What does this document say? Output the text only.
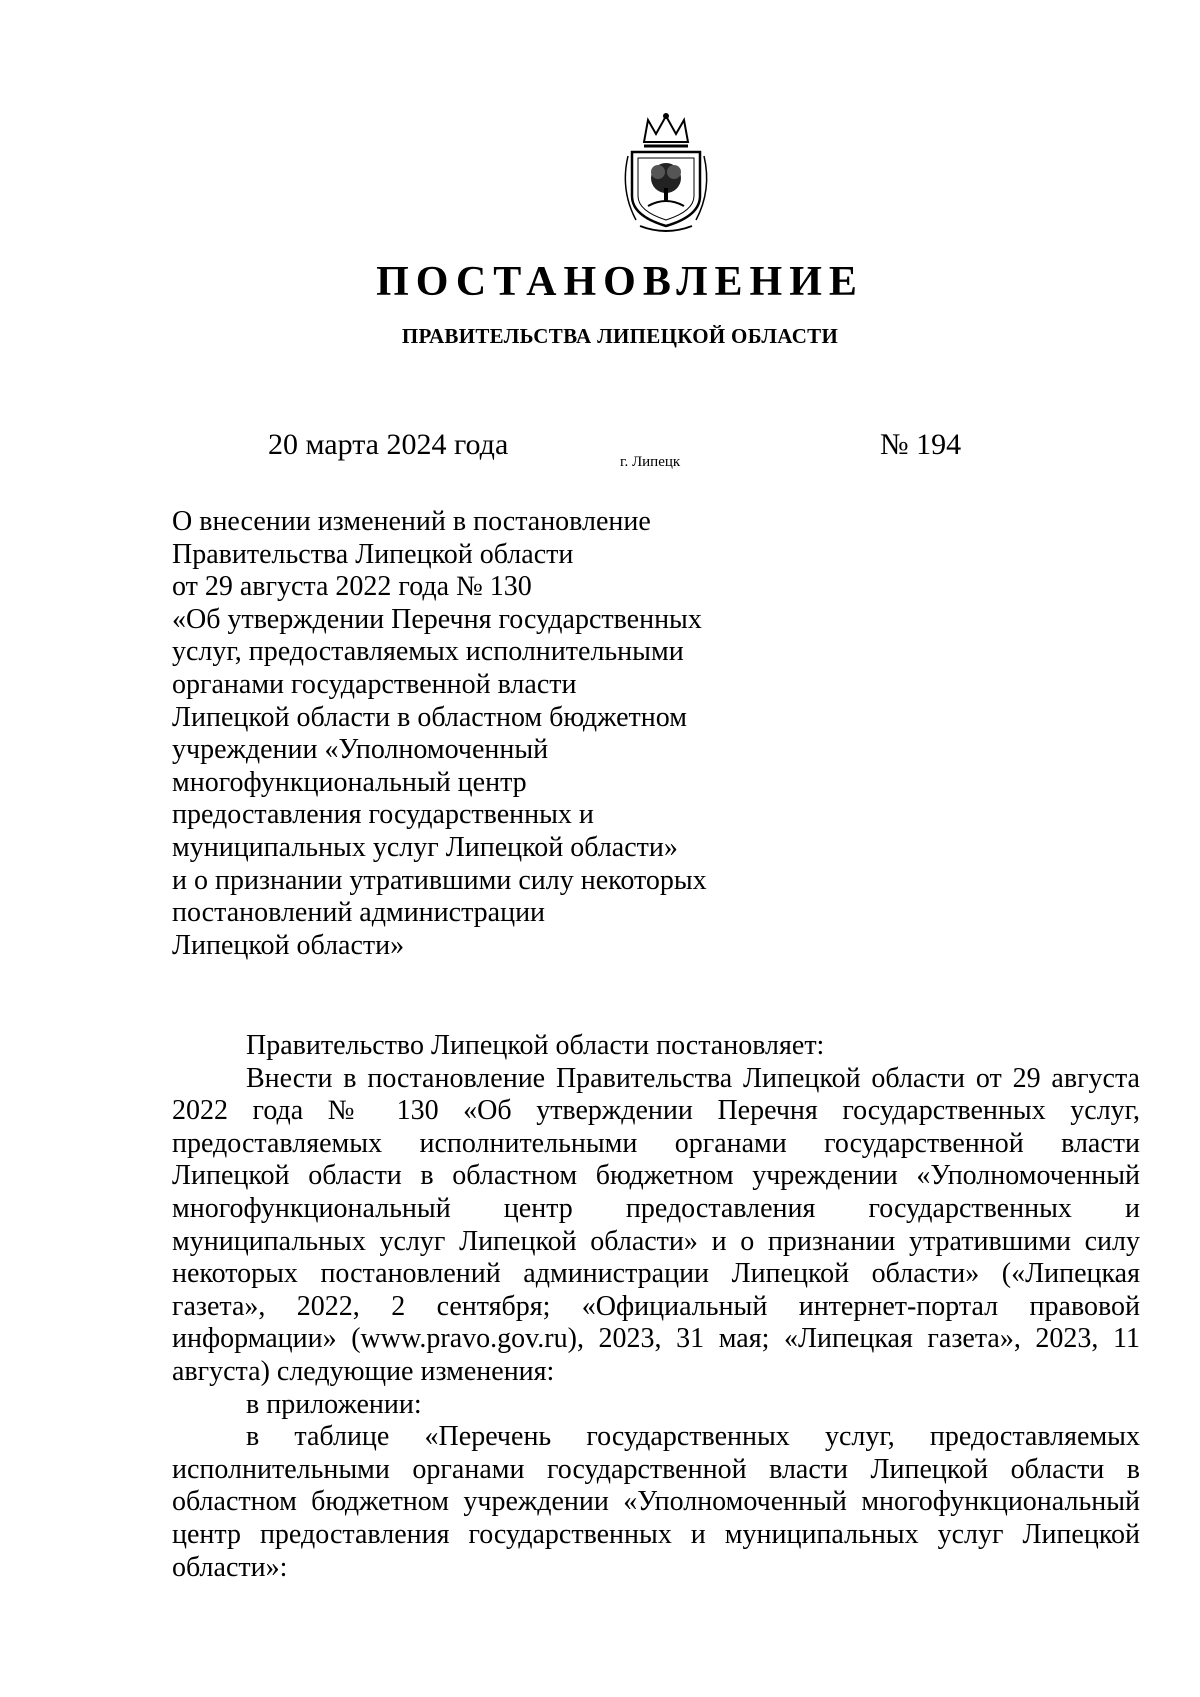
ПОСТАНОВЛЕНИЕ
ПРАВИТЕЛЬСТВА ЛИПЕЦКОЙ ОБЛАСТИ
20 марта 2024 года
г. Липецк
№ 194
О внесении изменений в постановление
Правительства Липецкой области
от 29 августа 2022 года № 130
«Об утверждении Перечня государственных
услуг, предоставляемых исполнительными
органами государственной власти
Липецкой области в областном бюджетном
учреждении «Уполномоченный
многофункциональный центр
предоставления государственных и
муниципальных услуг Липецкой области»
и о признании утратившими силу некоторых
постановлений администрации
Липецкой области»

Правительство Липецкой области постановляет:

Внести в постановление Правительства Липецкой области от 29 августа 2022 года № 130 «Об утверждении Перечня государственных услуг, предоставляемых исполнительными органами государственной власти Липецкой области в областном бюджетном учреждении «Уполномоченный многофункциональный центр предоставления государственных и муниципальных услуг Липецкой области» и о признании утратившими силу некоторых постановлений администрации Липецкой области» («Липецкая газета», 2022, 2 сентября; «Официальный интернет-портал правовой информации» (www.pravo.gov.ru), 2023, 31 мая; «Липецкая газета», 2023, 11 августа) следующие изменения:

в приложении:

в таблице «Перечень государственных услуг, предоставляемых исполнительными органами государственной власти Липецкой области в областном бюджетном учреждении «Уполномоченный многофункциональный центр предоставления государственных и муниципальных услуг Липецкой области»:
